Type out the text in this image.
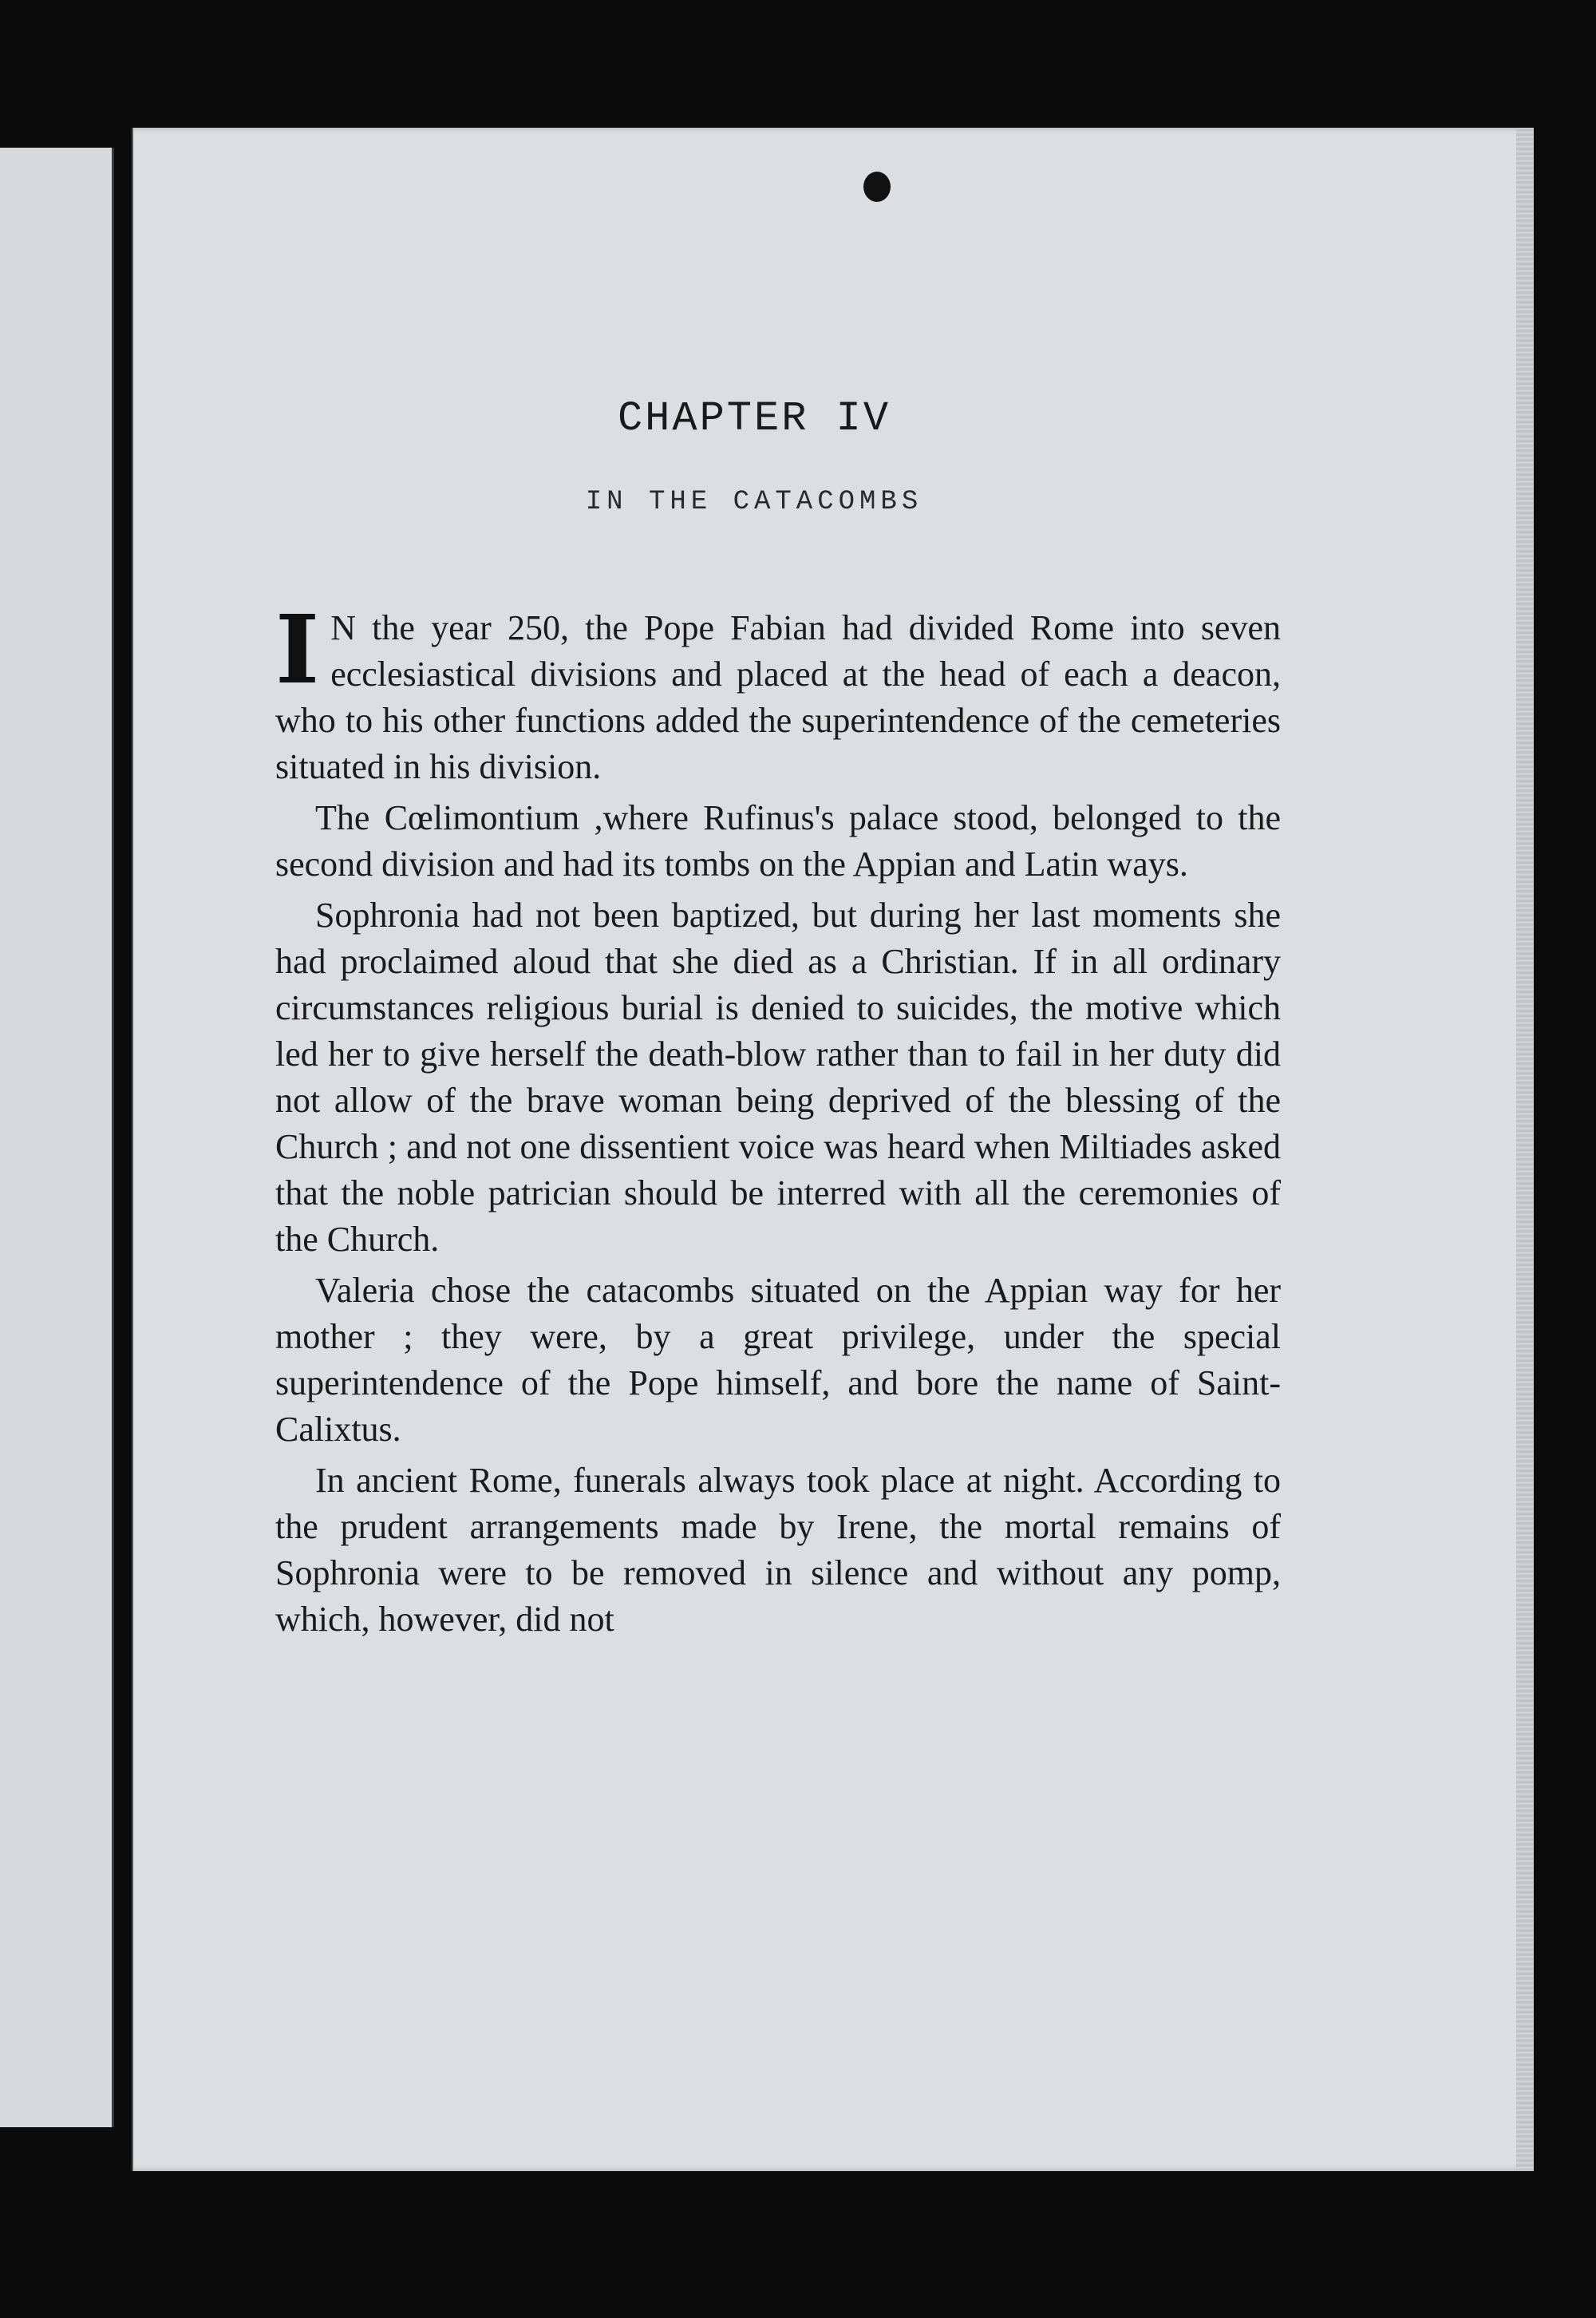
CHAPTER IV
IN THE CATACOMBS

I N the year 250, the Pope Fabian had divided Rome into seven ecclesiastical divisions and placed at the head of each a deacon, who to his other functions added the superintendence of the cemeteries situated in his division.

The Cœlimontium ,where Rufinus's palace stood, belonged to the second division and had its tombs on the Appian and Latin ways.

Sophronia had not been baptized, but during her last moments she had proclaimed aloud that she died as a Christian. If in all ordinary circumstances religious burial is denied to suicides, the motive which led her to give herself the death-blow rather than to fail in her duty did not allow of the brave woman being deprived of the blessing of the Church ; and not one dissentient voice was heard when Miltiades asked that the noble patrician should be interred with all the ceremonies of the Church.

Valeria chose the catacombs situated on the Appian way for her mother ; they were, by a great privilege, under the special superintendence of the Pope himself, and bore the name of Saint-Calixtus.

In ancient Rome, funerals always took place at night. According to the prudent arrangements made by Irene, the mortal remains of Sophronia were to be removed in silence and without any pomp, which, however, did not
